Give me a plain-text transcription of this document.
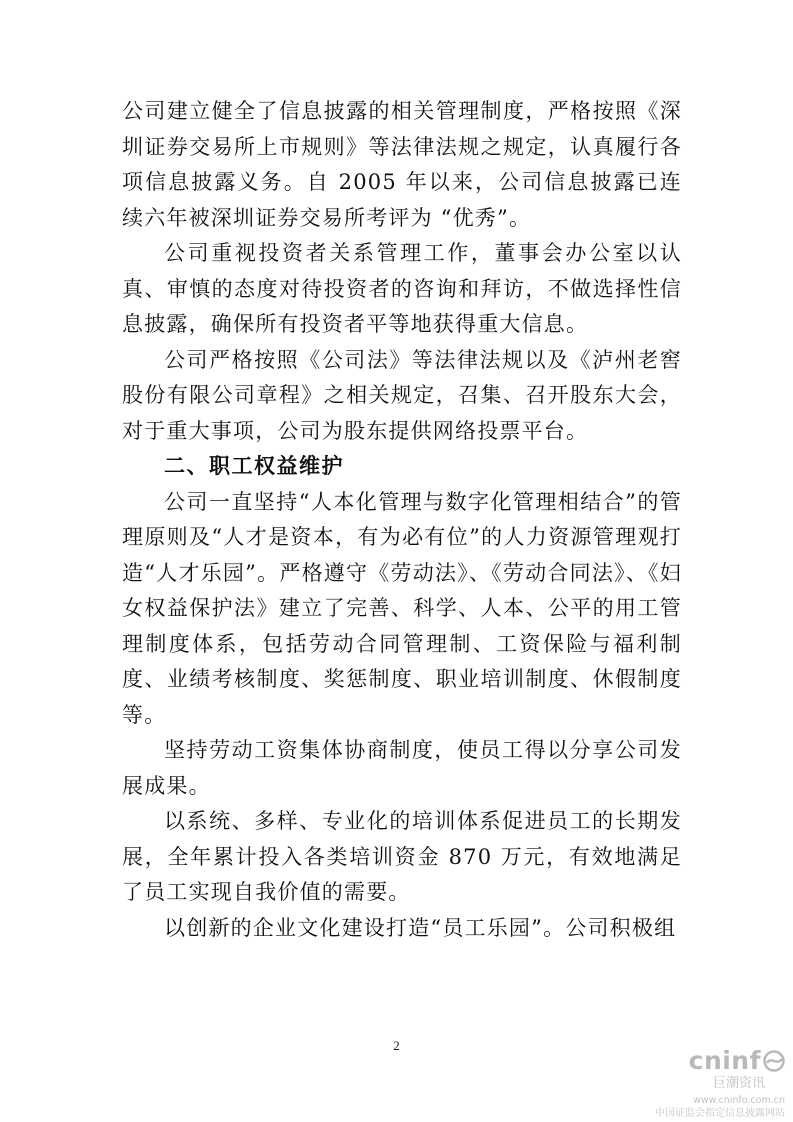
公司建立健全了信息披露的相关管理制度，严格按照《深圳证券交易所上市规则》等法律法规之规定，认真履行各项信息披露义务。自 2005 年以来，公司信息披露已连续六年被深圳证券交易所考评为 “优秀”。

公司重视投资者关系管理工作，董事会办公室以认真、审慎的态度对待投资者的咨询和拜访，不做选择性信息披露，确保所有投资者平等地获得重大信息。

公司严格按照《公司法》等法律法规以及《泸州老窖股份有限公司章程》之相关规定，召集、召开股东大会，对于重大事项，公司为股东提供网络投票平台。

二、职工权益维护

公司一直坚持“人本化管理与数字化管理相结合”的管理原则及“人才是资本，有为必有位”的人力资源管理观打造“人才乐园”。严格遵守《劳动法》、《劳动合同法》、《妇女权益保护法》建立了完善、科学、人本、公平的用工管理制度体系，包括劳动合同管理制、工资保险与福利制度、业绩考核制度、奖惩制度、职业培训制度、休假制度等。

坚持劳动工资集体协商制度，使员工得以分享公司发展成果。

以系统、多样、专业化的培训体系促进员工的长期发展，全年累计投入各类培训资金 870 万元，有效地满足了员工实现自我价值的需要。

以创新的企业文化建设打造“员工乐园”。公司积极组

2
cninf
巨潮资讯
www.cninfo.com.cn
中国证监会指定信息披露网站
